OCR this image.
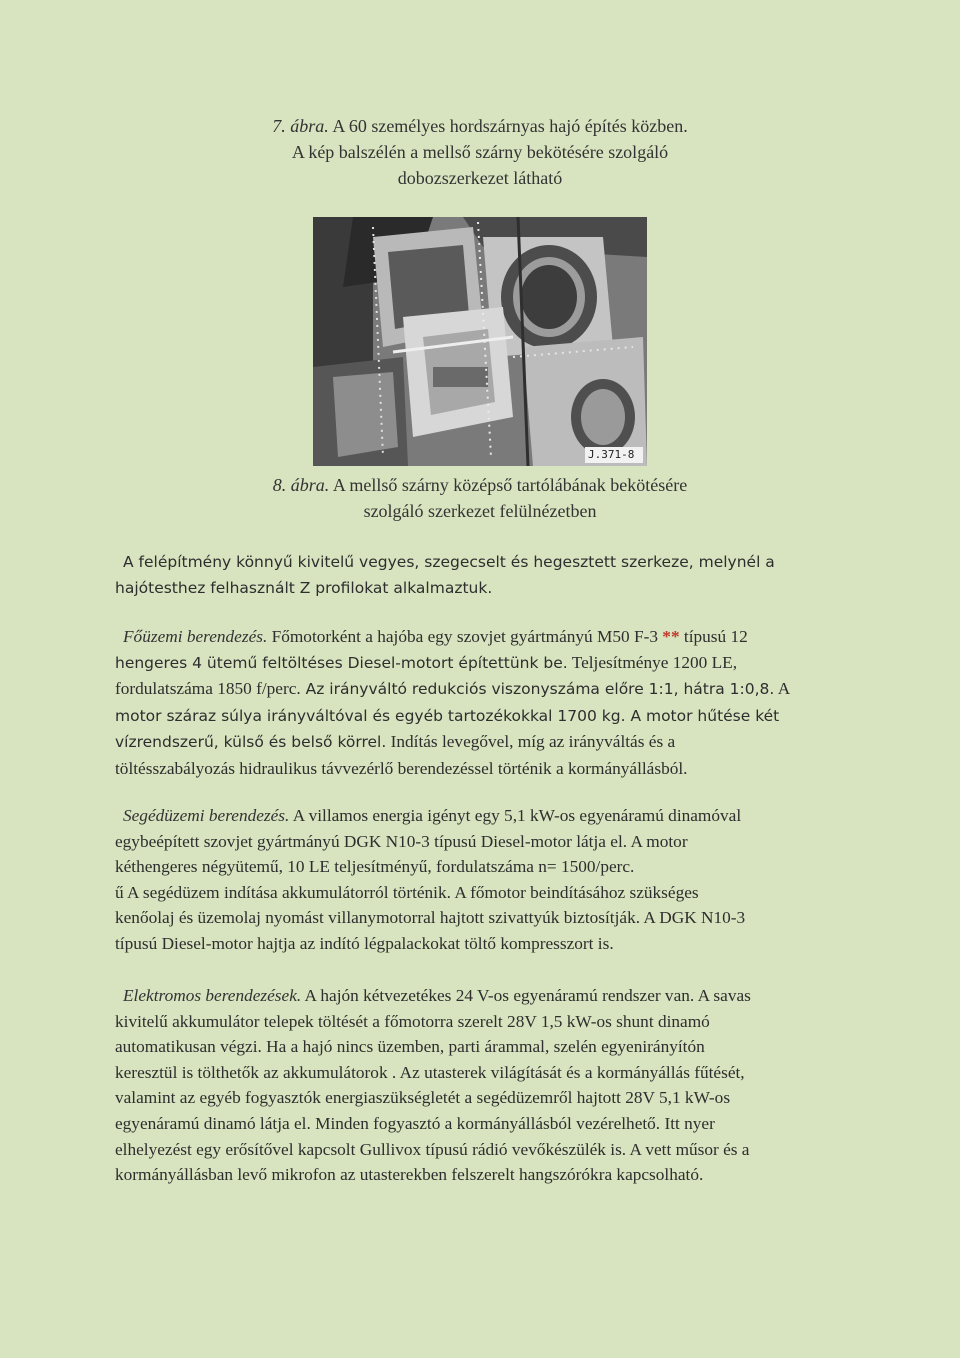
7. ábra. A 60 személyes hordszárnyas hajó építés közben.
A kép balszélén a mellső szárny bekötésére szolgáló
dobozszerkezet látható
J.371-8
8. ábra. A mellső szárny középső tartólábának bekötésére
szolgáló szerkezet felülnézetben

A felépítmény könnyű kivitelű vegyes, szegecselt és hegesztett szerkeze, melynél a
hajótesthez felhasznált Z profilokat alkalmaztuk.

Főüzemi berendezés. Főmotorként a hajóba egy szovjet gyártmányú M50 F-3 ** típusú 12
hengeres 4 ütemű feltöltéses Diesel-motort építettünk be. Teljesítménye 1200 LE,
fordulatszáma 1850 f/perc. Az irányváltó redukciós viszonyszáma előre 1:1, hátra 1:0,8. A
motor száraz súlya irányváltóval és egyéb tartozékokkal 1700 kg. A motor hűtése két
vízrendszerű, külső és belső körrel. Indítás levegővel, míg az irányváltás és a
töltésszabályozás hidraulikus távvezérlő berendezéssel történik a kormányállásból.

Segédüzemi berendezés. A villamos energia igényt egy 5,1 kW-os egyenáramú dinamóval
egybeépített szovjet gyártmányú DGK N10-3 típusú Diesel-motor látja el. A motor
kéthengeres négyütemű, 10 LE teljesítményű, fordulatszáma n= 1500/perc.
ű A segédüzem indítása akkumulátorról történik. A főmotor beindításához szükséges
kenőolaj és üzemolaj nyomást villanymotorral hajtott szivattyúk biztosítják. A DGK N10-3
típusú Diesel-motor hajtja az indító légpalackokat töltő kompresszort is.

Elektromos berendezések. A hajón kétvezetékes 24 V-os egyenáramú rendszer van. A savas
kivitelű akkumulátor telepek töltését a főmotorra szerelt 28V 1,5 kW-os shunt dinamó
automatikusan végzi. Ha a hajó nincs üzemben, parti árammal, szelén egyenirányítón
keresztül is tölthetők az akkumulátorok . Az utasterek világítását és a kormányállás fűtését,
valamint az egyéb fogyasztók energiaszükségletét a segédüzemről hajtott 28V 5,1 kW-os
egyenáramú dinamó látja el. Minden fogyasztó a kormányállásból vezérelhető. Itt nyer
elhelyezést egy erősítővel kapcsolt Gullivox típusú rádió vevőkészülék is. A vett műsor és a
kormányállásban levő mikrofon az utasterekben felszerelt hangszórókra kapcsolható.
